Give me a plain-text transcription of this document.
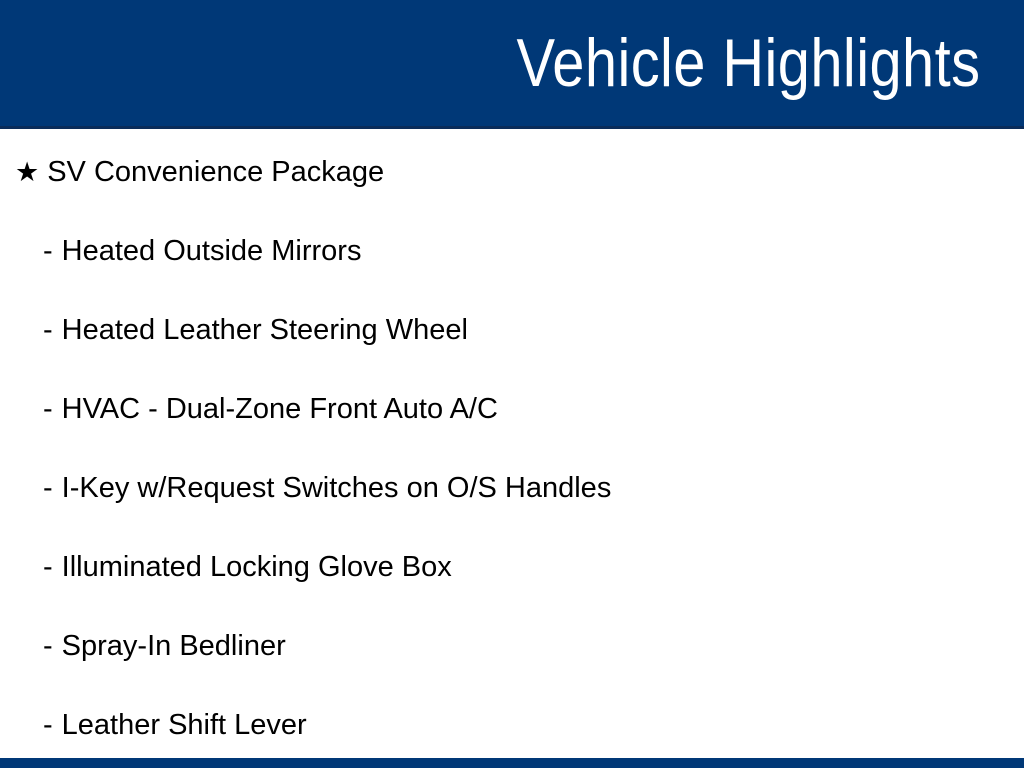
Vehicle Highlights
★ SV Convenience Package
- Heated Outside Mirrors
- Heated Leather Steering Wheel
- HVAC - Dual-Zone Front Auto A/C
- I-Key w/Request Switches on O/S Handles
- Illuminated Locking Glove Box
- Spray-In Bedliner
- Leather Shift Lever
